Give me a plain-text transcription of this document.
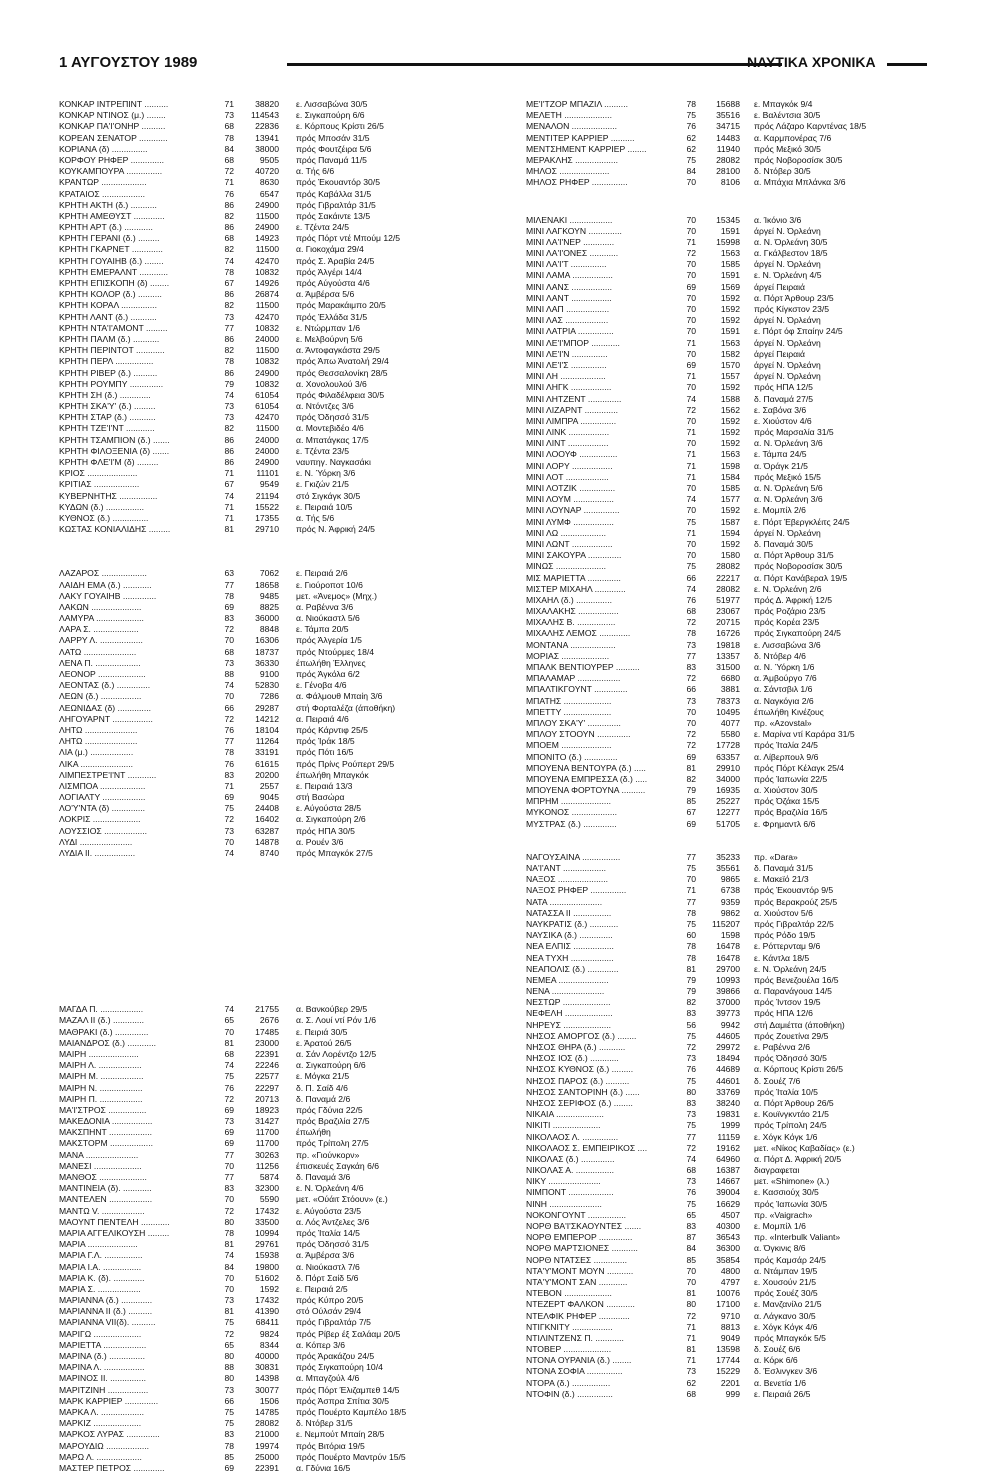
1 ΑΥΓΟΥΣΤΟΥ 1989	ΝΑΥΤΙΚΑ ΧΡΟΝΙΚΑ
ΚΟΝΚΑΡ ΙΝΤΡΕΠΙΝΤ ..........	71	38820 ε. Λισσαβώνα 30/5
ΚΟΝΚΑΡ ΝΤΙΝΟΣ (μ.) ........	73	114543 ε. Σιγκαπούρη 6/6
ΚΟΝΚΑΡ ΠΑ'Ι'ΟΝΗΡ ..........	68	22836 ε. Κόρπους Κρίστι 26/5
ΚΟΡΕΑΝ ΣΕΝΑΤΟΡ ............	78	13941 πρός Μποσάν 31/5
ΚΟΡΙΑΝΑ (δ) ...............	84	38000 πρός Φουτζέιρα 5/6
ΚΟΡΦΟΥ ΡΗΦΕΡ ..............	68	9505 πρός Παναμά 11/5
ΚΟΥΚΑΜΠΟΥΡΑ ...............	72	40720 α. Τής 6/6
ΚΡΑΝΤΩΡ ...................	71	8630 πρός Έκουαντόρ 30/5
ΚΡΑΤΑΙΟΣ ..................	76	6547 πρός Καβάλλα 31/5
ΚΡΗΤΗ ΑΚΤΗ (δ.) ...........	86	24900 πρός Γιβραλτάρ 31/5
ΚΡΗΤΗ ΑΜΕΘΥΣΤ .............	82	11500 πρός Σακάιντε 13/5
ΚΡΗΤΗ ΑΡΤ (δ.) ............	86	24900 ε. Τζέντα 24/5
ΚΡΗΤΗ ΓΕΡΑΝΙ (δ.) .........	68	14923 πρός Πόρτ ντέ Μπούμ 12/5
ΚΡΗΤΗ ΓΚΑΡΝΕΤ .............	82	11500 α. Γιοκοχάμα 29/4
ΚΡΗΤΗ ΓΟΥΑΙΗΒ (δ.) ........	74	42470 πρός Σ. Άραβία 24/5
ΚΡΗΤΗ ΕΜΕΡΑΛΝΤ ............	78	10832 πρός Άλγέρι 14/4
ΚΡΗΤΗ ΕΠΙΣΚΟΠΗ (δ) ........	67	14926 πρός Αύγούστα 4/6
ΚΡΗΤΗ ΚΟΛΟΡ (δ.) ..........	86	26874 α. Άμβέρσα 5/6
ΚΡΗΤΗ ΚΟΡΑΛ ...............	82	11500 πρός Μαρακάιμπο 20/5
ΚΡΗΤΗ ΛΑΝΤ (δ.) ...........	73	42470 πρός Έλλάδα 31/5
ΚΡΗΤΗ ΝΤΑ'Ι'ΑΜΟΝΤ .........	77	10832 ε. Ντώρμπαν 1/6
ΚΡΗΤΗ ΠΑΛΜ (δ.) ...........	86	24000 ε. Μελβούρνη 5/6
ΚΡΗΤΗ ΠΕΡΙΝΤΟΤ ............	82	11500 α. Άντοφαγκάστα 29/5
ΚΡΗΤΗ ΠΕΡΛ ................	78	10832 πρός Άπω Άνατολή 29/4
ΚΡΗΤΗ ΡΙΒΕΡ (δ.) ..........	86	24900 πρός Θεσσαλονίκη 28/5
ΚΡΗΤΗ ΡΟΥΜΠΥ ..............	79	10832 α. Χονολουλού 3/6
ΚΡΗΤΗ ΣΗ (δ.) .............	74	61054 πρός Φιλαδέλφεια 30/5
ΚΡΗΤΗ ΣΚΑ'Υ' (δ.) .........	73	61054 α. Ντόντζες 3/6
ΚΡΗΤΗ ΣΤΑΡ (δ.) ...........	73	42470 πρός Όδησσό 31/5
ΚΡΗΤΗ ΤΖΕ'Ι'ΝΤ ............	82	11500 α. Μοντεβιδέο 4/6
ΚΡΗΤΗ ΤΣΑΜΠΙΟΝ (δ.) .......	86	24000 α. Μπατάγκας 17/5
ΚΡΗΤΗ ΦΙΛΟΞΕΝΙΑ (δ) .......	86	24000 ε. Τζέντα 23/5
ΚΡΗΤΗ ΦΛΕ'Ι'Μ (δ) .........	86	24900 ναυπηγ. Ναγκασάκι
ΚΡΙΟΣ .....................	71	11101 ε. Ν. Ύόρκη 3/6
ΚΡΙΤΙΑΣ ...................	67	9549 ε. Γκιζών 21/5
ΚΥΒΕΡΝΗΤΗΣ ................	74	21194 στό Σιγκάγκ 30/5
ΚΥΔΩΝ (δ.) ................	71	15522 ε. Πειραιά 10/5
ΚΥΘΝΟΣ (δ.) ...............	71	17355 α. Τής 5/6
ΚΩΣΤΑΣ ΚΟΝΙΑΛΙΔΗΣ .........	81	29710 πρός Ν. Άφρική 24/5
ΛΑΖΑΡΟΣ ...................	63	7062 ε. Πειραιά 2/6
ΛΑΙΔΗ ΕΜΑ (δ.) ............	77	18658 ε. Γιούροποτ 10/6
ΛΑΚΥ ΓΟΥΑΙΗΒ ..............	78	9485 μετ. «Άνεμος» (Μηχ.)
ΛΑΚΩΝ .....................	69	8825 α. Ραβέννα 3/6
ΛΑΜΥΡΑ ....................	83	36000 α. Νιούκαστλ 5/6
ΛΑΡΑ Σ. ...................	72	8848 ε. Τάμπα 20/5
ΛΑΡΡΥ Λ. ..................	70	16306 πρός Άλγερία 1/5
ΛΑΤΩ ......................	68	18737 πρός Ντούρμες 18/4
ΛΕΝΑ Π. ...................	73	36330 έπωλήθη Έλληνες
ΛΕΟΝΟΡ ....................	88	9100 πρός Άγκόλα 6/2
ΛΕΟΝΤΑΣ (δ.) ..............	74	52830 ε. Γένοβα 4/6
ΛΕΩΝ (δ.) .................	70	7286 α. Φάλμουθ Μπαίη 3/6
ΛΕΩΝΙΔΑΣ (δ) ..............	66	29287 στή Φορταλέζα (άποθήκη)
ΛΗΓΟΥΑΡΝΤ .................	72	14212 α. Πειραιά 4/6
ΛΗΤΩ ......................	76	18104 πρός Κάρντιφ 25/5
ΛΗΤΩ ......................	77	11264 πρός Ίράκ 18/5
ΛΙΑ (μ.) ..................	78	33191 πρός Πότι 16/5
ΛΙΚΑ ......................	76	61615 πρός Πρίνς Ρούπερτ 29/5
ΛΙΜΠΕΣΤΡΕ'Ι'ΝΤ ............	83	20200 έπωλήθη Μπαγκόκ
ΛΙΣΜΠΟΑ ...................	71	2557 ε. Πειραιά 13/3
ΛΟΓΙΑΛΤΥ ..................	69	9045 στή Βασώρα
ΛΟ'Υ'ΝΤΑ (δ) ..............	75	24408 ε. Αύγούστα 28/5
ΛΟΚΡΙΣ ....................	72	16402 α. Σιγκαπούρη 2/6
ΛΟΥΣΣΙΟΣ ..................	73	63287 πρός ΗΠΑ 30/5
ΛΥΔΙ ......................	70	14878 α. Ρουέν 3/6
ΛΥΔΙΑ ΙΙ. .................	74	8740 πρός Μπαγκόκ 27/5
ΜΑΓΔΑ Π. ..................	74	21755 α. Βανκούβερ 29/5
ΜΑΖΑΛ ΙΙ (δ.) .............	65	2676 α. Σ. Λουί ντί Ρόν 1/6
ΜΑΘΡΑΚΙ (δ.) ..............	70	17485 ε. Πειριά 30/5
ΜΑΙΑΝΔΡΟΣ (δ.) ............	81	23000 ε. Άρατού 26/5
ΜΑΙΡΗ .....................	68	22391 α. Σάν Λορέντζο 12/5
ΜΑΙΡΗ Λ. ..................	74	22246 α. Σιγκαπούρη 6/6
ΜΑΙΡΗ Μ. ..................	75	22577 ε. Μόγκα 21/5
ΜΑΙΡΗ Ν. ..................	76	22297 δ. Π. Σαίδ 4/6
ΜΑΙΡΗ Π. ..................	72	20713 δ. Παναμά 2/6
ΜΑ'Ι'ΣΤΡΟΣ ................	69	18923 πρός Γδύνια 22/5
ΜΑΚΕΔΟΝΙΑ .................	73	31427 πρός Βραζιλία 27/5
ΜΑΚΣΠΗΝΤ ..................	69	11700 έπωλήθη
ΜΑΚΣΤΟΡΜ ..................	69	11700 πρός Τρίπολη 27/5
ΜΑΝΑ ......................	77	30263 πρ. «Γιούνκορν»
ΜΑΝΕΣΙ ....................	70	11256 έπισκευές Σαγκάη 6/6
ΜΑΝΘΟΣ ....................	77	5874 δ. Παναμά 3/6
ΜΑΝΤΙΝΕΙΑ (δ). ............	83	32300 ε. Ν. Όρλεάνη 4/6
ΜΑΝΤΕΛΕΝ ..................	70	5590 μετ. «Ούάιτ Στόουν» (ε.)
ΜΑΝΤΩ V. ..................	72	17432 ε. Αύγούστα 23/5
ΜΑΟΥΝΤ ΠΕΝΤΕΛΗ ............	80	33500 α. Λός Άντζελες 3/6
ΜΑΡΙΑ ΑΓΓΕΛΙΚΟΥΣΗ .........	78	10994 πρός Ίταλία 14/5
ΜΑΡΙΑ .....................	81	29761 πρός Όδησσό 31/5
ΜΑΡΙΑ Γ.Λ. ................	74	15938 α. Άμβέρσα 3/6
ΜΑΡΙΑ Ι.Α. ................	84	19800 α. Νιούκαστλ 7/6
ΜΑΡΙΑ Κ. (δ). .............	70	51602 δ. Πόρτ Σαίδ 5/6
ΜΑΡΙΑ Σ. ..................	70	1592 ε. Πειραιά 2/5
ΜΑΡΙΑΝΝΑ (δ.) .............	73	17432 πρός Κύπρο 20/5
ΜΑΡΙΑΝΝΑ ΙΙ (δ.) ..........	81	41390 στό Ούλσάν 29/4
ΜΑΡΙΑΝΝΑ VII(δ). ..........	75	68411 πρός Γιβραλτάρ 7/5
ΜΑΡΙΓΩ ....................	72	9824 πρός Ρίβερ έξ Σαλάαμ 20/5
ΜΑΡΙΕΤΤΑ ..................	65	8344 α. Κόπερ 3/6
ΜΑΡΙΝΑ (δ.) ...............	80	40000 πρός Άρακάζου 24/5
ΜΑΡΙΝΑ Λ. .................	88	30831 πρός Σιγκαπούρη 10/4
ΜΑΡΙΝΟΣ ΙΙ. ...............	80	14398 α. Μπαγζούλ 4/6
ΜΑΡΙΤΖΙΝΗ .................	73	30077 πρός Πόρτ Έλιζαμπεθ 14/5
ΜΑΡΚ ΚΑΡΡΙΕΡ ..............	66	1506 πρός Άσπρα Σπίτια 30/5
ΜΑΡΚΑ Λ. ..................	75	14785 πρός Πουέρτο Καμπέλο 18/5
ΜΑΡΚΙΖ ....................	75	28082 δ. Ντόβερ 31/5
ΜΑΡΚΟΣ ΛΥΡΑΣ ..............	83	21000 ε. Νεμπούτ Μπαίη 28/5
ΜΑΡΟΥΔΙΩ ..................	78	19974 πρός Βιτόρια 19/5
ΜΑΡΩ Λ. ...................	85	25000 πρός Πουέρτο Μαντρύν 15/5
ΜΑΣΤΕΡ ΠΕΤΡΟΣ .............	69	22391 α. Γδύνια 16/5
ΜΕ'Ι'ΤΖΟΡ ΜΠΑΖΙΛ ..........	78	15688 ε. Μπαγκόκ 9/4
ΜΕΛΕΤΗ ....................	75	35516 ε. Βαλέντσια 30/5
ΜΕΝΑΛΟΝ ...................	76	34715 πρός Λάζαρο Καρντένας 18/5
ΜΕΝΤΙΤΕΡ ΚΑΡΡΙΕΡ ..........	62	14483 α. Καρμπονέρας 7/6
ΜΕΝΤΣΗΜΕΝΤ ΚΑΡΡΙΕΡ ........	62	11940 πρός Μεξικό 30/5
ΜΕΡΑΚΛΗΣ ..................	75	28082 πρός Νοβοροσίσκ 30/5
ΜΗΛΟΣ .....................	84	28100 δ. Ντόβερ 30/5
ΜΗΛΟΣ ΡΗΦΕΡ ...............	70	8106 α. Μπάχια Μπλάνκα 3/6
ΜΙΛΕΝΑΚΙ ..................	70	15345 α. Ίκόνιο 3/6
ΜΙΝΙ ΛΑΓΚΟΥΝ ..............	70	1591 άργεί Ν. Όρλεάνη
ΜΙΝΙ ΛΑ'Ι'ΝΕΡ .............	71	15998 α. Ν. Όρλεάνη 30/5
ΜΙΝΙ ΛΑ'Ι'ΟΝΕΣ ............	72	1563 α. Γκάλβεστον 18/5
ΜΙΝΙ ΛΑ'Ι'Τ ...............	70	1585 άργεί Ν. Όρλεάνη
ΜΙΝΙ ΛΑΜΑ .................	70	1591 ε. Ν. Όρλεάνη 4/5
ΜΙΝΙ ΛΑΝΣ .................	69	1569 άργεί Πειραιά
ΜΙΝΙ ΛΑΝΤ .................	70	1592 α. Πόρτ Άρθουρ 23/5
ΜΙΝΙ ΛΑΠ ..................	70	1592 πρός Κίγκστον 23/5
ΜΙΝΙ ΛΑΣ ..................	70	1592 άργεί Ν. Όρλεάνη
ΜΙΝΙ ΛΑΤΡΙΑ ...............	70	1591 ε. Πόρτ όφ Σπαίην 24/5
ΜΙΝΙ ΛΕ'Ι'ΜΠΟΡ ............	71	1563 άργεί Ν. Όρλεάνη
ΜΙΝΙ ΛΕ'Ι'Ν ...............	70	1582 άργεί Πειραιά
ΜΙΝΙ ΛΕ'Ι'Σ ...............	69	1570 άργεί Ν. Όρλεάνη
ΜΙΝΙ ΛΗ ...................	71	1557 άργεί Ν. Όρλεάνη
ΜΙΝΙ ΛΗΓΚ .................	70	1592 πρός ΗΠΑ 12/5
ΜΙΝΙ ΛΗΤΖΕΝΤ ..............	74	1588 δ. Παναμά 27/5
ΜΙΝΙ ΛΙΖΑΡΝΤ ..............	72	1562 ε. Σαβόνα 3/6
ΜΙΝΙ ΛΙΜΠΡΑ ...............	70	1592 ε. Χιούστον 4/6
ΜΙΝΙ ΛΙΝΚ .................	71	1592 πρός Μαρσαλία 31/5
ΜΙΝΙ ΛΙΝΤ .................	70	1592 α. Ν. Όρλεάνη 3/6
ΜΙΝΙ ΛΟΟΥΦ ................	71	1563 ε. Τάμπα 24/5
ΜΙΝΙ ΛΟΡΥ .................	71	1598 α. Όράγκ 21/5
ΜΙΝΙ ΛΟΤ ..................	71	1584 πρός Μεξικό 15/5
ΜΙΝΙ ΛΟΤΖΙΚ ...............	70	1585 α. Ν. Όρλεάνη 5/6
ΜΙΝΙ ΛΟΥΜ .................	74	1577 α. Ν. Όρλεάνη 3/6
ΜΙΝΙ ΛΟΥΝΑΡ ...............	70	1592 ε. Μομπίλ 2/6
ΜΙΝΙ ΛΥΜΦ .................	75	1587 ε. Πόρτ Έβεργκλέιτς 24/5
ΜΙΝΙ ΛΩ ...................	71	1594 άργεί Ν. Όρλεάνη
ΜΙΝΙ ΛΩΝΤ .................	70	1592 δ. Παναμά 30/5
ΜΙΝΙ ΣΑΚΟΥΡΑ ..............	70	1580 α. Πόρτ Άρθουρ 31/5
ΜΙΝΩΣ .....................	75	28082 πρός Νοβοροσίσκ 30/5
ΜΙΣ ΜΑΡΙΕΤΤΑ ..............	66	22217 α. Πόρτ Κανάβεραλ 19/5
ΜΙΣΤΕΡ ΜΙΧΑΗΛ .............	74	28082 ε. Ν. Όρλεάνη 2/6
ΜΙΧΑΗΛ (δ.) ...............	76	51977 πρός Δ. Άφρική 12/5
ΜΙΧΑΛΑΚΗΣ .................	68	23067 πρός Ροζάριο 23/5
ΜΙΧΑΛΗΣ Β. ................	72	20715 πρός Κορέα 23/5
ΜΙΧΑΛΗΣ ΛΕΜΟΣ .............	78	16726 πρός Σιγκαπούρη 24/5
ΜΟΝΤΑΝΑ ...................	73	19818 ε. Λισσαβώνα 3/6
ΜΟΡΙΑΣ ....................	77	13357 δ. Ντόβερ 4/6
ΜΠΑΛΚ ΒΕΝΤΙΟΥΡΕΡ ..........	83	31500 α. Ν. Ύόρκη 1/6
ΜΠΑΛΑΜΑΡ ..................	72	6680 α. Άμβούργο 7/6
ΜΠΑΛΤΙΚΓΟΥΝΤ ..............	66	3881 α. Σάντσβιλ 1/6
ΜΠΑΤΗΣ ....................	73	78373 α. Ναγκόγια 2/6
ΜΠΕΤΤΥ ....................	70	10495 έπωλήθη Κινέζους
ΜΠΛΟΥ ΣΚΑ'Υ' ..............	70	4077 πρ. «Azovstal»
ΜΠΛΟΥ ΣΤΟΟΥΝ ..............	72	5580 ε. Μαρίνα ντί Καράρα 31/5
ΜΠΟΕΜ .....................	72	17728 πρός Ίταλία 24/5
ΜΠΟΝΙΤΟ (δ.) ..............	69	63357 α. Λίβερπουλ 9/6
ΜΠΟΥΕΝΑ ΒΕΝΤΟΥΡΑ (δ.) .....	81	29910 πρός Πόρτ Κέλαγκ 25/4
ΜΠΟΥΕΝΑ ΕΜΠΡΕΣΣΑ (δ.) .....	82	34000 πρός Ίαπωνία 22/5
ΜΠΟΥΕΝΑ ΦΟΡΤΟΥΝΑ ..........	79	16935 α. Χιούστον 30/5
ΜΠΡΗΜ .....................	85	25227 πρός Όζάκα 15/5
ΜΥΚΟΝΟΣ ...................	67	12277 πρός Βραζιλία 16/5
ΜΥΣΤΡΑΣ (δ.) ..............	69	51705 ε. Φρημαντλ 6/6
ΝΑΓΟΥΣΑΙΝΑ ................	77	35233 πρ. «Dara»
ΝΑ'Ι'ΑΝΤ ..................	75	35561 δ. Παναμά 31/5
ΝΑΞΟΣ .....................	70	9865 ε. Μακεϊό 21/3
ΝΑΞΟΣ ΡΗΦΕΡ ...............	71	6738 πρός Έκουαντόρ 9/5
ΝΑΤΑ ......................	77	9359 πρός Βερακρούζ 25/5
ΝΑΤΑΣΣΑ ΙΙ ................	78	9862 α. Χιούστον 5/6
ΝΑΥΚΡΑΤΙΣ (δ.) ............	75	115207 πρός Γιβραλτάρ 22/5
ΝΑΥΣΙΚΑ (δ.) ..............	60	1598 πρός Ρόδο 19/5
ΝΕΑ ΕΛΠΙΣ .................	78	16478 ε. Ρόττερνταμ 9/6
ΝΕΑ ΤΥΧΗ ..................	78	16478 ε. Κάντλα 18/5
ΝΕΑΠΟΛΙΣ (δ.) .............	81	29700 ε. Ν. Όρλεάνη 24/5
ΝΕΜΕΑ .....................	79	10993 πρός Βενεζουέλα 16/5
ΝΕΝΑ ......................	79	39866 α. Παρανάγουα 14/5
ΝΕΣΤΩΡ ....................	82	37000 πρός Ίντσον 19/5
ΝΕΦΕΛΗ ....................	83	39773 πρός ΗΠΑ 12/6
ΝΗΡΕΥΣ ....................	56	9942 στή Δαμιέττα (άποθήκη)
ΝΗΣΟΣ ΑΜΟΡΓΟΣ (δ.) ........	75	44605 πρός Ζουετίνα 29/5
ΝΗΣΟΣ ΘΗΡΑ (δ.) ...........	72	29972 ε. Ραβέννα 2/6
ΝΗΣΟΣ ΙΟΣ (δ.) ............	73	18494 πρός Όδησσό 30/5
ΝΗΣΟΣ ΚΥΘΝΟΣ (δ.) .........	76	44689 α. Κόρπους Κρίστι 26/5
ΝΗΣΟΣ ΠΑΡΟΣ (δ.) ..........	75	44601 δ. Σουέζ 7/6
ΝΗΣΟΣ ΣΑΝΤΟΡΙΝΗ (δ.) ......	80	33769 πρός Ίταλία 10/5
ΝΗΣΟΣ ΣΕΡΙΦΟΣ (δ.) ........	83	38240 α. Πόρτ Άρθουρ 26/5
ΝΙΚΑΙΑ ....................	73	19831 ε. Κουϊνγκντάο 21/5
ΝΙΚΙΤΙ ....................	75	1999 πρός Τρίπολη 24/5
ΝΙΚΟΛΑΟΣ Λ. ...............	77	11159 ε. Χόγκ Κόγκ 1/6
ΝΙΚΟΛΑΟΣ Σ. ΕΜΠΕΙΡΙΚΟΣ ....	72	19162 μετ. «Νίκος Καβαδίας» (ε.)
ΝΙΚΟΛΑΣ (δ.) ..............	74	64960 α. Πόρτ Δ. Άφρική 20/5
ΝΙΚΟΛΑΣ Α. ................	68	16387 διαγραφεται
ΝΙΚΥ ......................	73	14667 μετ. «Shimone» (λ.)
ΝΙΜΠΟΝΤ ...................	76	39004 ε. Κασσιούχ 30/5
ΝΙΝΗ ......................	75	16629 πρός Ίαπωνία 30/5
ΝΟΚΟΝΓΟΥΝΤ ................	65	4507 πρ. «Vaigrach»
ΝΟΡΘ ΒΑ'Ι'ΣΚΑΟΥΝΤΕΣ .......	83	40300 ε. Μομπίλ 1/6
ΝΟΡΘ ΕΜΠΕΡΟΡ ..............	87	36543 πρ. «Interbulk Valiant»
ΝΟΡΘ ΜΑΡΤΣΙΟΝΕΣ ...........	84	36300 α. Όγκινις 8/6
ΝΟΡΘ ΝΤΑΤΣΕΣ ..............	85	35854 πρός Καμσάρ 24/5
ΝΤΑ'Υ'ΜΟΝΤ ΜΟΥΝ ...........	70	4800 α. Ντάμπαν 19/5
ΝΤΑ'Υ'ΜΟΝΤ ΣΑΝ ............	70	4797 ε. Χουσούν 21/5
ΝΤΕΒΟΝ ....................	81	10076 πρός Σουέζ 30/5
ΝΤΕΖΕΡΤ ΦΑΛΚΟΝ ............	80	17100 ε. Μανζανίλο 21/5
ΝΤΕΛΦΙΚ ΡΗΦΕΡ .............	72	9710 α. Λάγκανο 30/5
ΝΤΙΓΚΝΙΤΥ .................	71	8813 ε. Χόγκ Κόγκ 4/6
ΝΤΙΛΙΝΤΖΕΝΣ Π. ............	71	9049 πρός Μπαγκόκ 5/5
ΝΤΟΒΕΡ ....................	81	13598 δ. Σουέζ 6/6
ΝΤΟΝΑ ΟΥΡΑΝΙΑ (δ.) ........	71	17744 α. Κόρκ 6/6
ΝΤΟΝΑ ΣΟΦΙΑ ...............	73	15229 δ. Έσλινγκεν 3/6
ΝΤΟΡΑ (δ.) ................	62	2201 α. Βενετία 1/6
ΝΤΟΦΙΝ (δ.) ...............	68	999 ε. Πειραιά 26/5
